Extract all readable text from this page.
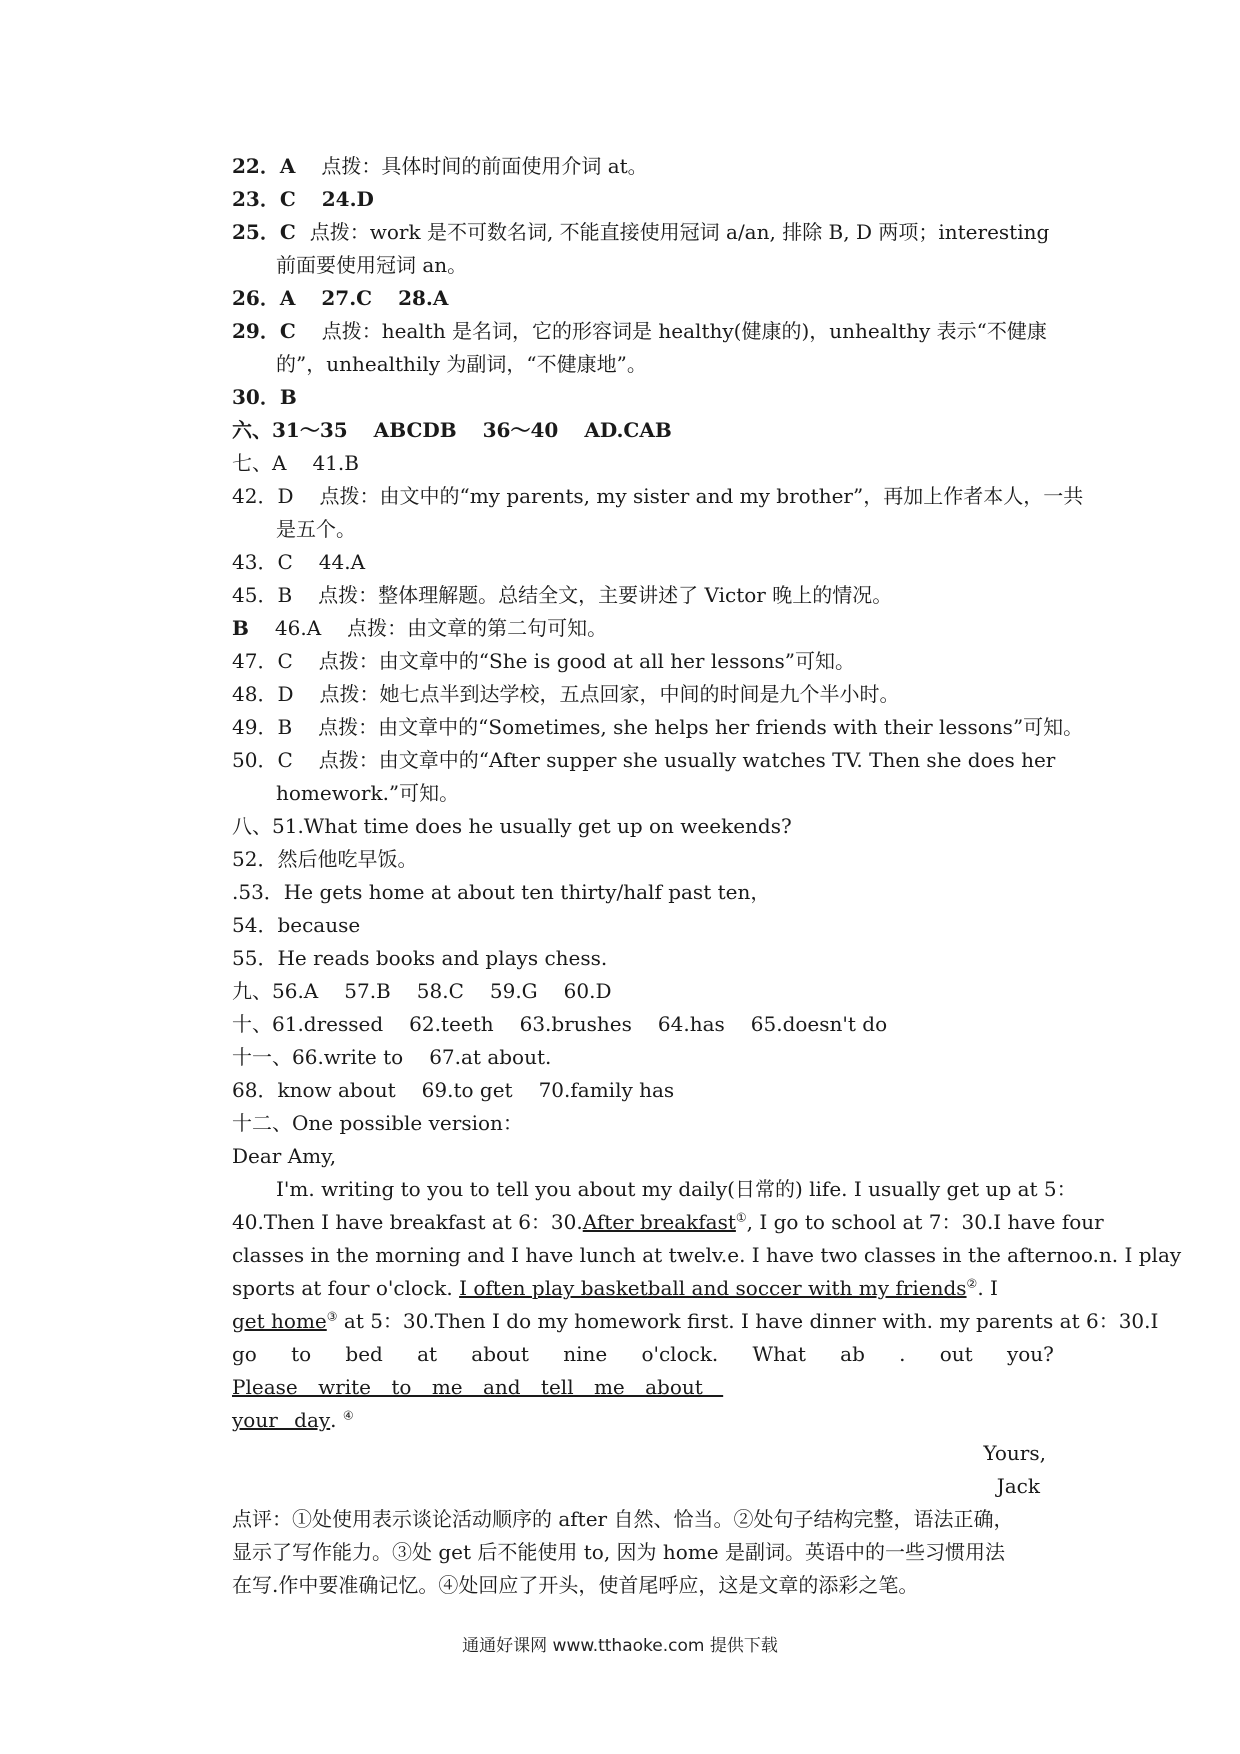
22．A 点拨：具体时间的前面使用介词 at。
23．C 24.D
25．C 点拨：work 是不可数名词, 不能直接使用冠词 a/an, 排除 B, D 两项；interesting
前面要使用冠词 an。
26．A 27.C 28.A
29．C 点拨：health 是名词，它的形容词是 healthy(健康的)，unhealthy 表示“不健康
的”，unhealthily 为副词，“不健康地”。
30．B
六、31～35 ABCDB 36～40 AD.CAB
七、A 41.B
42．D 点拨：由文中的“my parents, my sister and my brother”，再加上作者本人，一共
是五个。
43．C 44.A
45．B 点拨：整体理解题。总结全文，主要讲述了 Victor 晚上的情况。
B 46.A 点拨：由文章的第二句可知。
47．C 点拨：由文章中的“She is good at all her lessons”可知。
48．D 点拨：她七点半到达学校，五点回家，中间的时间是九个半小时。
49．B 点拨：由文章中的“Sometimes, she helps her friends with their lessons”可知。
50．C 点拨：由文章中的“After supper she usually watches TV. Then she does her
homework.”可知。
八、51.What time does he usually get up on weekends?
52．然后他吃早饭。
.53．He gets home at about ten thirty/half past ten，
54．because
55．He reads books and plays chess.
九、56.A 57.B 58.C 59.G 60.D
十、61.dressed 62.teeth 63.brushes 64.has 65.doesn't do
十一、66.write to 67.at about.
68．know about 69.to get 70.family has
十二、One possible version：
Dear Amy,
I'm. writing to you to tell you about my daily(日常的) life. I usually get up at 5：
40.Then I have breakfast at 6：30.After breakfast①, I go to school at 7：30.I have four
classes in the morning and I have lunch at twelv.e. I have two classes in the afternoo.n. I play
sports at four o'clock. I often play basketball and soccer with my friends②. I
get home③ at 5：30.Then I do my homework first. I have dinner with. my parents at 6：30.I
go to bed at about nine o'clock. What ab . out you?
Please write to me and tell me about
your day. ④
Yours,
Jack
点评：①处使用表示谈论活动顺序的 after 自然、恰当。②处句子结构完整，语法正确，
显示了写作能力。③处 get 后不能使用 to, 因为 home 是副词。英语中的一些习惯用法
在写.作中要准确记忆。④处回应了开头，使首尾呼应，这是文章的添彩之笔。
通通好课网 www.tthaoke.com 提供下载
